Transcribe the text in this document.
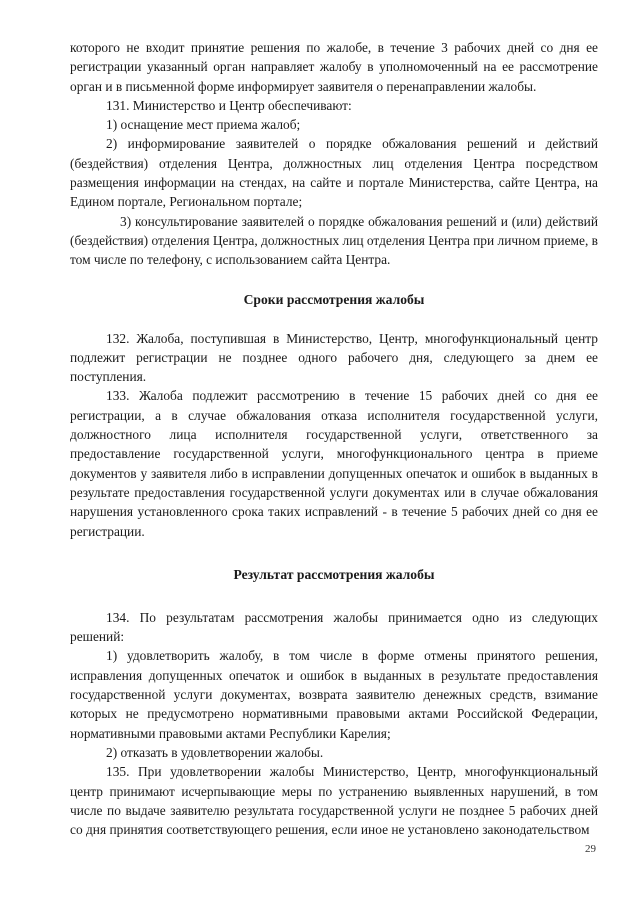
которого не входит принятие решения по жалобе, в течение 3 рабочих дней со дня ее регистрации указанный орган направляет жалобу в уполномоченный на ее рассмотрение орган и в письменной форме информирует заявителя о перенаправлении жалобы.

131. Министерство и Центр обеспечивают:

1) оснащение мест приема жалоб;

2) информирование заявителей о порядке обжалования решений и действий (бездействия) отделения Центра, должностных лиц отделения Центра посредством размещения информации на стендах, на сайте и портале Министерства, сайте Центра, на Едином портале, Региональном портале;

3) консультирование заявителей о порядке обжалования решений и (или) действий (бездействия) отделения Центра, должностных лиц отделения Центра при личном приеме, в том числе по телефону, с использованием сайта Центра.

Сроки рассмотрения жалобы

132. Жалоба, поступившая в Министерство, Центр, многофункциональный центр подлежит регистрации не позднее одного рабочего дня, следующего за днем ее поступления.

133. Жалоба подлежит рассмотрению в течение 15 рабочих дней со дня ее регистрации, а в случае обжалования отказа исполнителя государственной услуги, должностного лица исполнителя государственной услуги, ответственного за предоставление государственной услуги, многофункционального центра в приеме документов у заявителя либо в исправлении допущенных опечаток и ошибок в выданных в результате предоставления государственной услуги документах или в случае обжалования нарушения установленного срока таких исправлений - в течение 5 рабочих дней со дня ее регистрации.

Результат рассмотрения жалобы

134. По результатам рассмотрения жалобы принимается одно из следующих решений:

1) удовлетворить жалобу, в том числе в форме отмены принятого решения, исправления допущенных опечаток и ошибок в выданных в результате предоставления государственной услуги документах, возврата заявителю денежных средств, взимание которых не предусмотрено нормативными правовыми актами Российской Федерации, нормативными правовыми актами Республики Карелия;

2) отказать в удовлетворении жалобы.

135. При удовлетворении жалобы Министерство, Центр, многофункциональный центр принимают исчерпывающие меры по устранению выявленных нарушений, в том числе по выдаче заявителю результата государственной услуги не позднее 5 рабочих дней со дня принятия соответствующего решения, если иное не установлено законодательством

29
